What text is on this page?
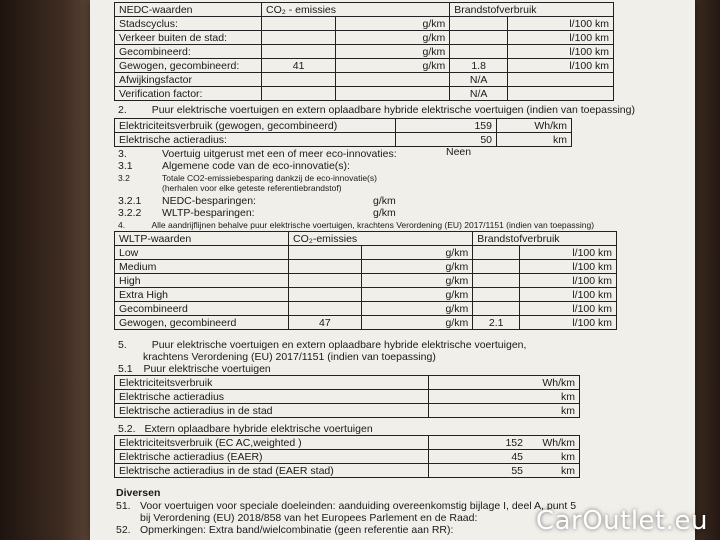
NEDC-waarden	CO₂ - emissies		Brandstofverbruik	
Stadscyclus:		g/km		l/100 km
Verkeer buiten de stad:		g/km		l/100 km
Gecombineerd:		g/km		l/100 km
Gewogen, gecombineerd:	41	g/km	1.8	l/100 km
Afwijkingsfactor			N/A	
Verification factor:			N/A	
2. Puur elektrische voertuigen en extern oplaadbare hybride elektrische voertuigen (indien van toepassing)
Elektriciteitsverbruik (gewogen, gecombineerd)	159	Wh/km
Elektrische actieradius:	50	km
3.	Voertuig uitgerust met een of meer eco-innovaties:	Neen
3.1	Algemene code van de eco-innovatie(s):
3.2	Totale CO2-emissiebesparing dankzij de eco-innovatie(s)
(herhalen voor elke geteste referentiebrandstof)
3.2.1 NEDC-besparingen:	g/km
3.2.2 WLTP-besparingen:	g/km
4.	Alle aandrijflijnen behalve puur elektrische voertuigen, krachtens Verordening (EU) 2017/1151 (indien van toepassing)
WLTP-waarden	CO₂-emissies		Brandstofverbruik	
Low		g/km		l/100 km
Medium		g/km		l/100 km
High		g/km		l/100 km
Extra High		g/km		l/100 km
Gecombineerd		g/km		l/100 km
Gewogen, gecombineerd	47	g/km	2.1	l/100 km
5. Puur elektrische voertuigen en extern oplaadbare hybride elektrische voertuigen,
krachtens Verordening (EU) 2017/1151 (indien van toepassing)
5.1 Puur elektrische voertuigen
Elektriciteitsverbruik		Wh/km
Elektrische actieradius		km
Elektrische actieradius in de stad		km
5.2. Extern oplaadbare hybride elektrische voertuigen
Elektriciteitsverbruik (EC AC,weighted )	152	Wh/km
Elektrische actieradius (EAER)	45	km
Elektrische actieradius in de stad (EAER stad)	55	km
Diversen
51. Voor voertuigen voor speciale doeleinden: aanduiding overeenkomstig bijlage I, deel A, punt 5
bij Verordening (EU) 2018/858 van het Europees Parlement en de Raad:
52. Opmerkingen: Extra band/wielcombinatie (geen referentie aan RR):	CarOutlet.eu
